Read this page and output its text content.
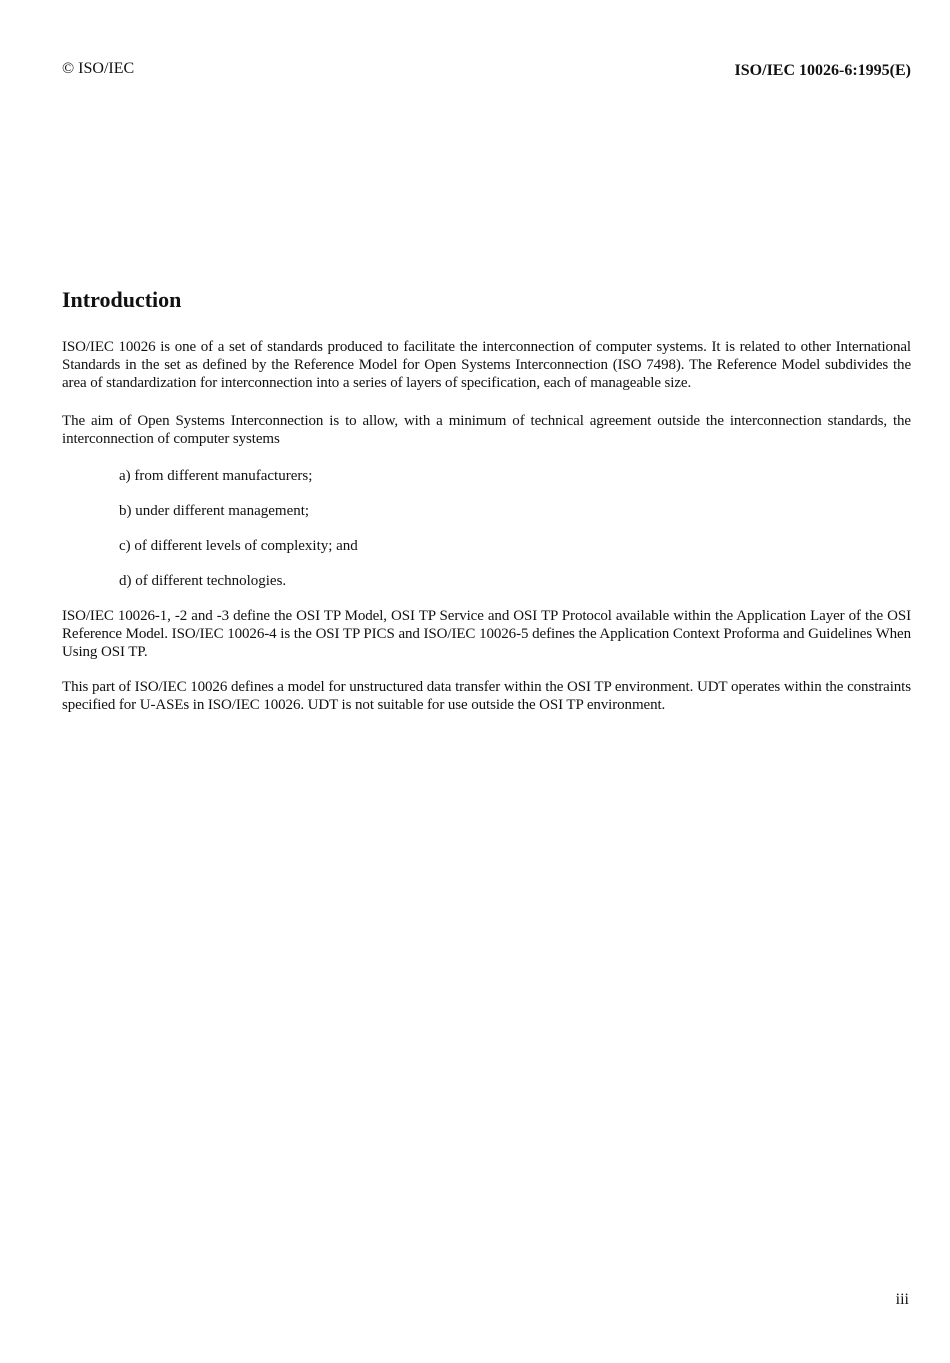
© ISO/IEC	ISO/IEC 10026-6:1995(E)
Introduction

ISO/IEC 10026 is one of a set of standards produced to facilitate the interconnection of computer systems. It is related to other International Standards in the set as defined by the Reference Model for Open Systems Interconnection (ISO 7498). The Reference Model subdivides the area of standardization for interconnection into a series of layers of specification, each of manageable size.

The aim of Open Systems Interconnection is to allow, with a minimum of technical agreement outside the interconnection standards, the interconnection of computer systems

a) from different manufacturers;
b) under different management;
c) of different levels of complexity; and
d) of different technologies.

ISO/IEC 10026-1, -2 and -3 define the OSI TP Model, OSI TP Service and OSI TP Protocol available within the Application Layer of the OSI Reference Model. ISO/IEC 10026-4 is the OSI TP PICS and ISO/IEC 10026-5 defines the Application Context Proforma and Guidelines When Using OSI TP.

This part of ISO/IEC 10026 defines a model for unstructured data transfer within the OSI TP environment. UDT operates within the constraints specified for U-ASEs in ISO/IEC 10026. UDT is not suitable for use outside the OSI TP environment.

iii
